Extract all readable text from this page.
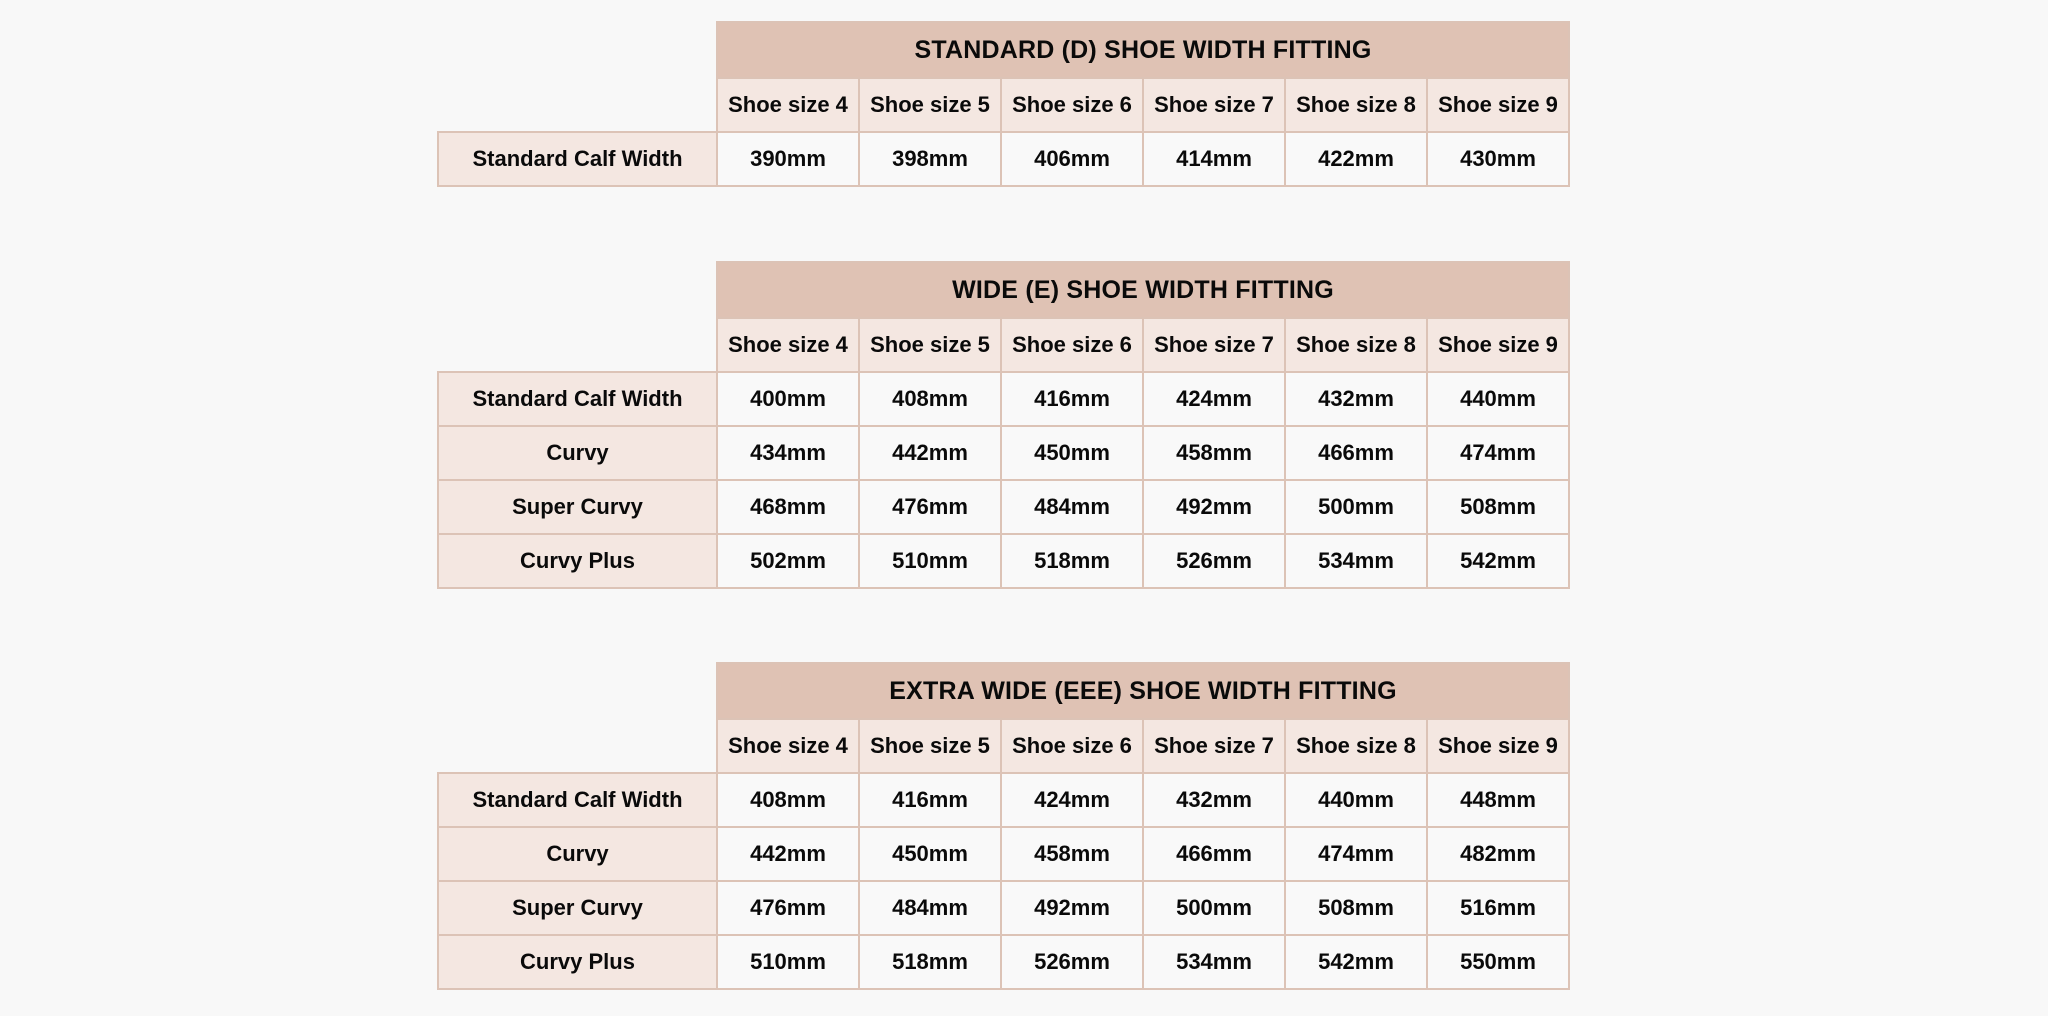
	STANDARD (D) SHOE WIDTH FITTING					
	Shoe size 4	Shoe size 5	Shoe size 6	Shoe size 7	Shoe size 8	Shoe size 9
Standard Calf Width	390mm	398mm	406mm	414mm	422mm	430mm
	WIDE (E) SHOE WIDTH FITTING					
	Shoe size 4	Shoe size 5	Shoe size 6	Shoe size 7	Shoe size 8	Shoe size 9
Standard Calf Width	400mm	408mm	416mm	424mm	432mm	440mm
Curvy	434mm	442mm	450mm	458mm	466mm	474mm
Super Curvy	468mm	476mm	484mm	492mm	500mm	508mm
Curvy Plus	502mm	510mm	518mm	526mm	534mm	542mm
	EXTRA WIDE (EEE) SHOE WIDTH FITTING					
	Shoe size 4	Shoe size 5	Shoe size 6	Shoe size 7	Shoe size 8	Shoe size 9
Standard Calf Width	408mm	416mm	424mm	432mm	440mm	448mm
Curvy	442mm	450mm	458mm	466mm	474mm	482mm
Super Curvy	476mm	484mm	492mm	500mm	508mm	516mm
Curvy Plus	510mm	518mm	526mm	534mm	542mm	550mm
